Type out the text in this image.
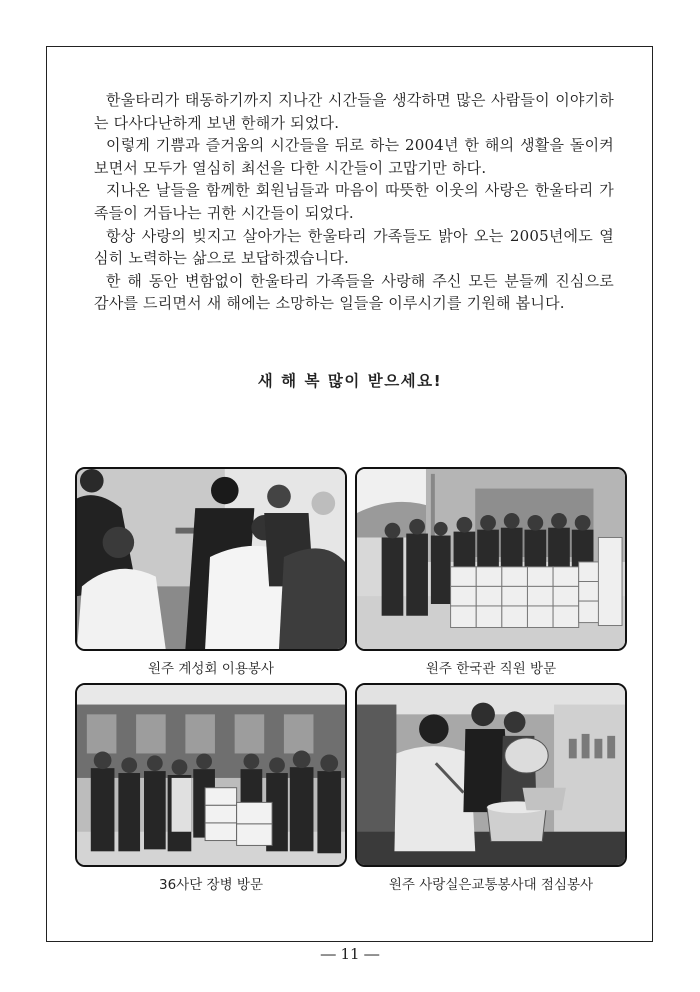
한울타리가 태동하기까지 지나간 시간들을 생각하면 많은 사람들이 이야기하는 다사다난하게 보낸 한해가 되었다.

이렇게 기쁨과 즐거움의 시간들을 뒤로 하는 2004년 한 해의 생활을 돌이켜보면서 모두가 열심히 최선을 다한 시간들이 고맙기만 하다.

지나온 날들을 함께한 회원님들과 마음이 따뜻한 이웃의 사랑은 한울타리 가족들이 거듭나는 귀한 시간들이 되었다.

항상 사랑의 빚지고 살아가는 한울타리 가족들도 밝아 오는 2005년에도 열심히 노력하는 삶으로 보답하겠습니다.

한 해 동안 변함없이 한울타리 가족들을 사랑해 주신 모든 분들께 진심으로 감사를 드리면서 새 해에는 소망하는 일들을 이루시기를 기원해 봅니다.

새 해 복 많이 받으세요!
원주 계성회 이용봉사	원주 한국관 직원 방문
36사단 장병 방문	원주 사랑실은교통봉사대 점심봉사
― 11 ―
